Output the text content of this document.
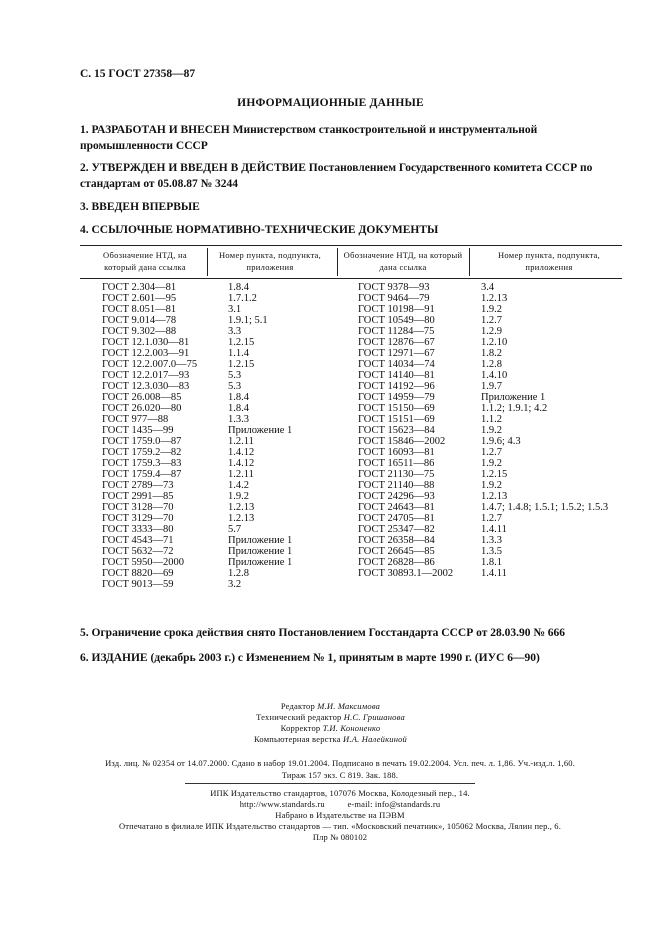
С. 15 ГОСТ 27358—87
ИНФОРМАЦИОННЫЕ ДАННЫЕ
1. РАЗРАБОТАН И ВНЕСЕН Министерством станкостроительной и инструментальной промышленности СССР
2. УТВЕРЖДЕН И ВВЕДЕН В ДЕЙСТВИЕ Постановлением Государственного комитета СССР по стандартам от 05.08.87 № 3244
3. ВВЕДЕН ВПЕРВЫЕ
4. ССЫЛОЧНЫЕ НОРМАТИВНО-ТЕХНИЧЕСКИЕ ДОКУМЕНТЫ
Обозначение НТД, на который дана ссылка
Номер пункта, подпункта, приложения
Обозначение НТД, на который дана ссылка
Номер пункта, подпункта, приложения
ГОСТ 2.304—81
ГОСТ 2.601—95
ГОСТ 8.051—81
ГОСТ 9.014—78
ГОСТ 9.302—88
ГОСТ 12.1.030—81
ГОСТ 12.2.003—91
ГОСТ 12.2.007.0—75
ГОСТ 12.2.017—93
ГОСТ 12.3.030—83
ГОСТ 26.008—85
ГОСТ 26.020—80
ГОСТ 977—88
ГОСТ 1435—99
ГОСТ 1759.0—87
ГОСТ 1759.2—82
ГОСТ 1759.3—83
ГОСТ 1759.4—87
ГОСТ 2789—73
ГОСТ 2991—85
ГОСТ 3128—70
ГОСТ 3129—70
ГОСТ 3333—80
ГОСТ 4543—71
ГОСТ 5632—72
ГОСТ 5950—2000
ГОСТ 8820—69
ГОСТ 9013—59
1.8.4
1.7.1.2
3.1
1.9.1; 5.1
3.3
1.2.15
1.1.4
1.2.15
5.3
5.3
1.8.4
1.8.4
1.3.3
Приложение 1
1.2.11
1.4.12
1.4.12
1.2.11
1.4.2
1.9.2
1.2.13
1.2.13
5.7
Приложение 1
Приложение 1
Приложение 1
1.2.8
3.2
ГОСТ 9378—93
ГОСТ 9464—79
ГОСТ 10198—91
ГОСТ 10549—80
ГОСТ 11284—75
ГОСТ 12876—67
ГОСТ 12971—67
ГОСТ 14034—74
ГОСТ 14140—81
ГОСТ 14192—96
ГОСТ 14959—79
ГОСТ 15150—69
ГОСТ 15151—69
ГОСТ 15623—84
ГОСТ 15846—2002
ГОСТ 16093—81
ГОСТ 16511—86
ГОСТ 21130—75
ГОСТ 21140—88
ГОСТ 24296—93
ГОСТ 24643—81
ГОСТ 24705—81
ГОСТ 25347—82
ГОСТ 26358—84
ГОСТ 26645—85
ГОСТ 26828—86
ГОСТ 30893.1—2002
3.4
1.2.13
1.9.2
1.2.7
1.2.9
1.2.10
1.8.2
1.2.8
1.4.10
1.9.7
Приложение 1
1.1.2; 1.9.1; 4.2
1.1.2
1.9.2
1.9.6; 4.3
1.2.7
1.9.2
1.2.15
1.9.2
1.2.13
1.4.7; 1.4.8; 1.5.1; 1.5.2; 1.5.3
1.2.7
1.4.11
1.3.3
1.3.5
1.8.1
1.4.11
5. Ограничение срока действия снято Постановлением Госстандарта СССР от 28.03.90 № 666
6. ИЗДАНИЕ (декабрь 2003 г.) с Изменением № 1, принятым в марте 1990 г. (ИУС 6—90)
Редактор М.И. Максимова
Технический редактор Н.С. Гришанова
Корректор Т.И. Кононенко
Компьютерная верстка И.А. Налейкиной
Изд. лиц. № 02354 от 14.07.2000. Сдано в набор 19.01.2004. Подписано в печать 19.02.2004. Усл. печ. л. 1,86. Уч.-изд.л. 1,60.
Тираж 157 экз. С 819. Зак. 188.
ИПК Издательство стандартов, 107076 Москва, Колодезный пер., 14.
http://www.standards.ru          e-mail: info@standards.ru
Набрано в Издательстве на ПЭВМ
Отпечатано в филиале ИПК Издательство стандартов — тип. «Московский печатник», 105062 Москва, Лялин пер., 6.
Плр № 080102
